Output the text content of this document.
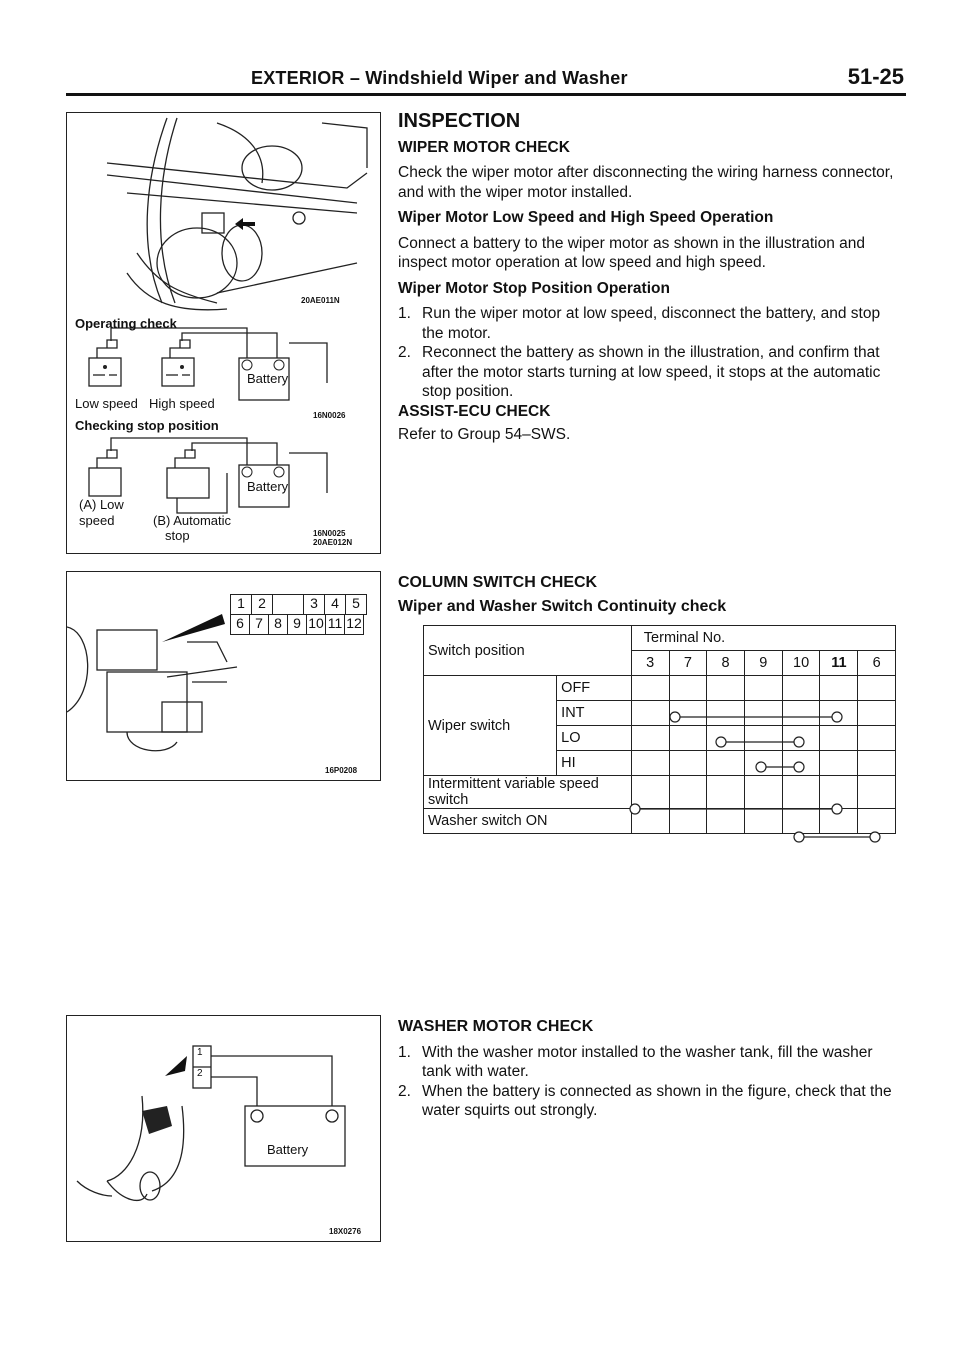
EXTERIOR – Windshield Wiper and Washer	51-25
20AE011N
Operating check
Battery
Low speed High speed
16N0026
Checking stop position
Battery
(A) Low
speed	(B) Automatic
stop	16N0025
20AE012N
1 2	3 4 5
6 7 8 9 10 11 12
16P0208
1
2
Battery
18X0276
INSPECTION
WIPER MOTOR CHECK

Check the wiper motor after disconnecting the wiring harness connector, and with the wiper motor installed.

Wiper Motor Low Speed and High Speed Operation

Connect a battery to the wiper motor as shown in the illustration and inspect motor operation at low speed and high speed.

Wiper Motor Stop Position Operation
1. Run the wiper motor at low speed, disconnect the battery, and stop the motor.
2. Reconnect the battery as shown in the illustration, and confirm that after the motor starts turning at low speed, it stops at the automatic stop position.
ASSIST-ECU CHECK

Refer to Group 54–SWS.

COLUMN SWITCH CHECK
Wiper and Washer Switch Continuity check
Switch position		Terminal No.						
		3	7	8	9	10	11	6
Wiper switch	OFF							
	INT							
	LO							
	HI							
Intermittent variable speed switch								
Washer switch ON								
WASHER MOTOR CHECK
1. With the washer motor installed to the washer tank, fill the washer tank with water.
2. When the battery is connected as shown in the figure, check that the water squirts out strongly.
